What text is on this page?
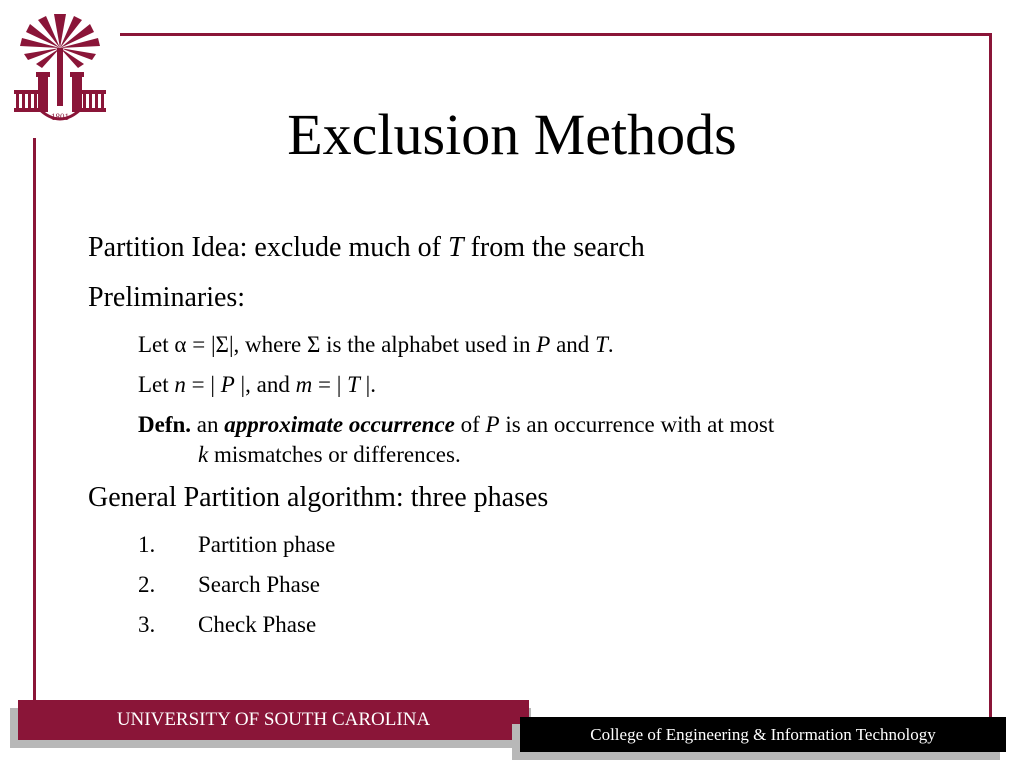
1801	Exclusion Methods
Partition Idea: exclude much of T from the search
Preliminaries:
Let α = |Σ|, where Σ is the alphabet used in P and T.
Let n = | P |, and m = | T |.
Defn. an approximate occurrence of P is an occurrence with at most
k mismatches or differences.
General Partition algorithm: three phases
1. Partition phase
2. Search Phase
3. Check Phase
UNIVERSITY OF SOUTH CAROLINA
College of Engineering & Information Technology
